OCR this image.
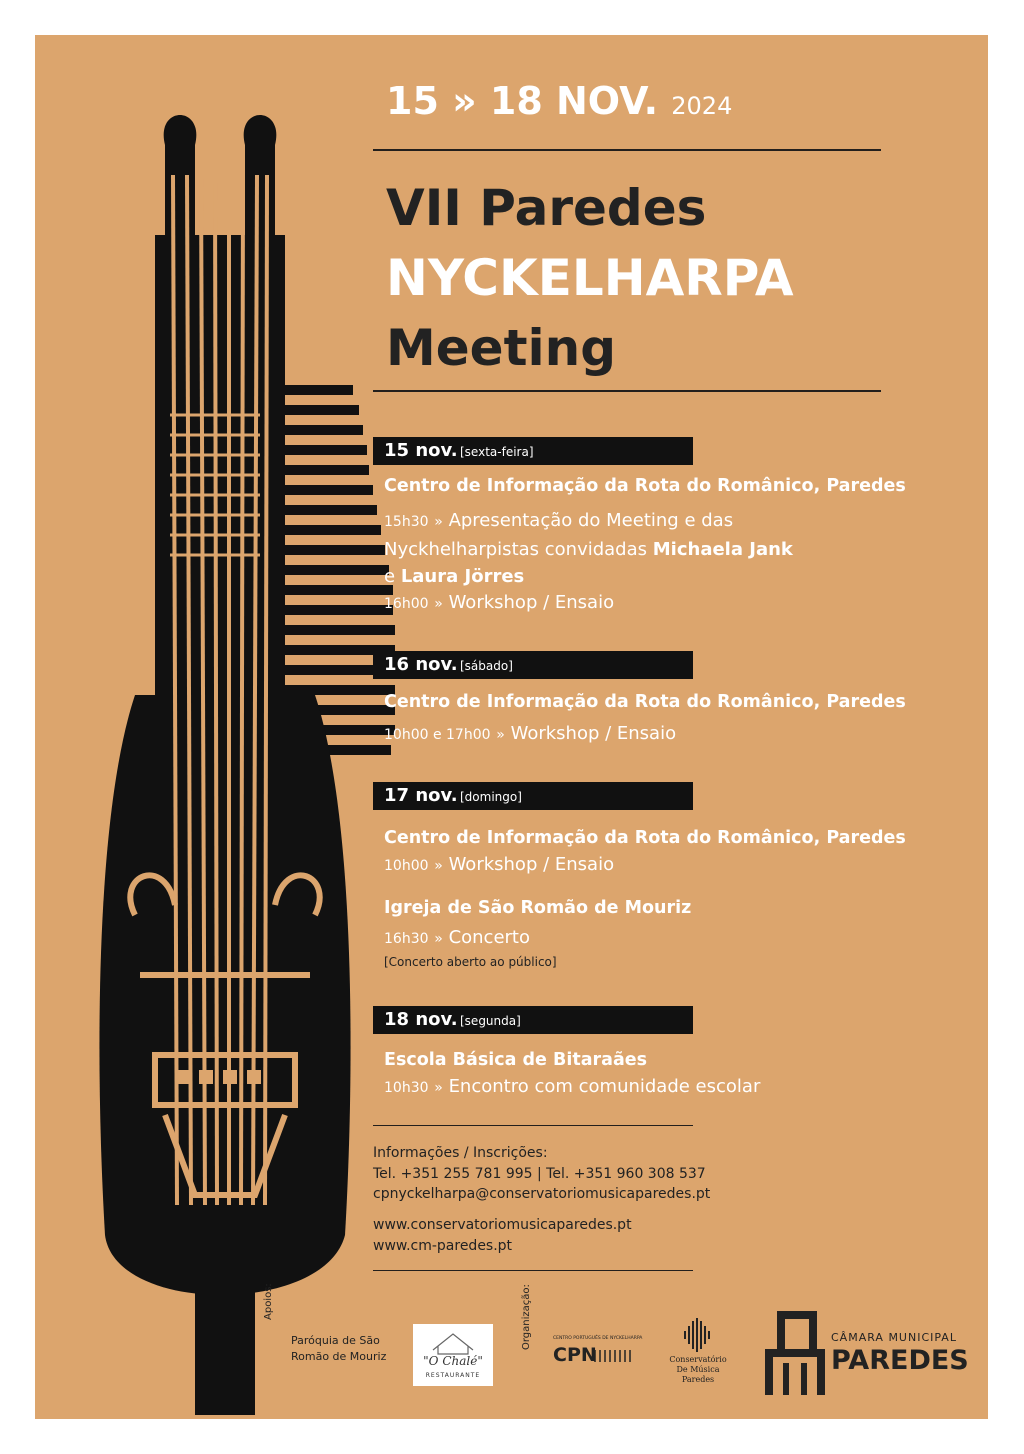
15 » 18 NOV. 2024
VII Paredes
NYCKELHARPA
Meeting
15 nov. [sexta-feira]
Centro de Informação da Rota do Românico, Paredes
15h30 » Apresentação do Meeting e das
Nyckhelharpistas convidadas Michaela Jank
e Laura Jörres
16h00 » Workshop / Ensaio
16 nov. [sábado]
Centro de Informação da Rota do Românico, Paredes
10h00 e 17h00 » Workshop / Ensaio
17 nov. [domingo]
Centro de Informação da Rota do Românico, Paredes
10h00 » Workshop / Ensaio
Igreja de São Romão de Mouriz
16h30 » Concerto
[Concerto aberto ao público]
18 nov. [segunda]
Escola Básica de Bitaraães
10h30 » Encontro com comunidade escolar
Informações / Inscrições:
Tel. +351 255 781 995 | Tel. +351 960 308 537
cpnyckelharpa@conservatoriomusicaparedes.pt
www.conservatoriomusicaparedes.pt
www.cm-paredes.pt
Apoios:
Paróquia de São
Romão de Mouriz	"O Chalé"
RESTAURANTE
Organização:	CENTRO PORTUGUÊS DE NYCKELHARPA
CPN	Conservatório
De Música
Paredes
CÂMARA MUNICIPAL
PAREDES
